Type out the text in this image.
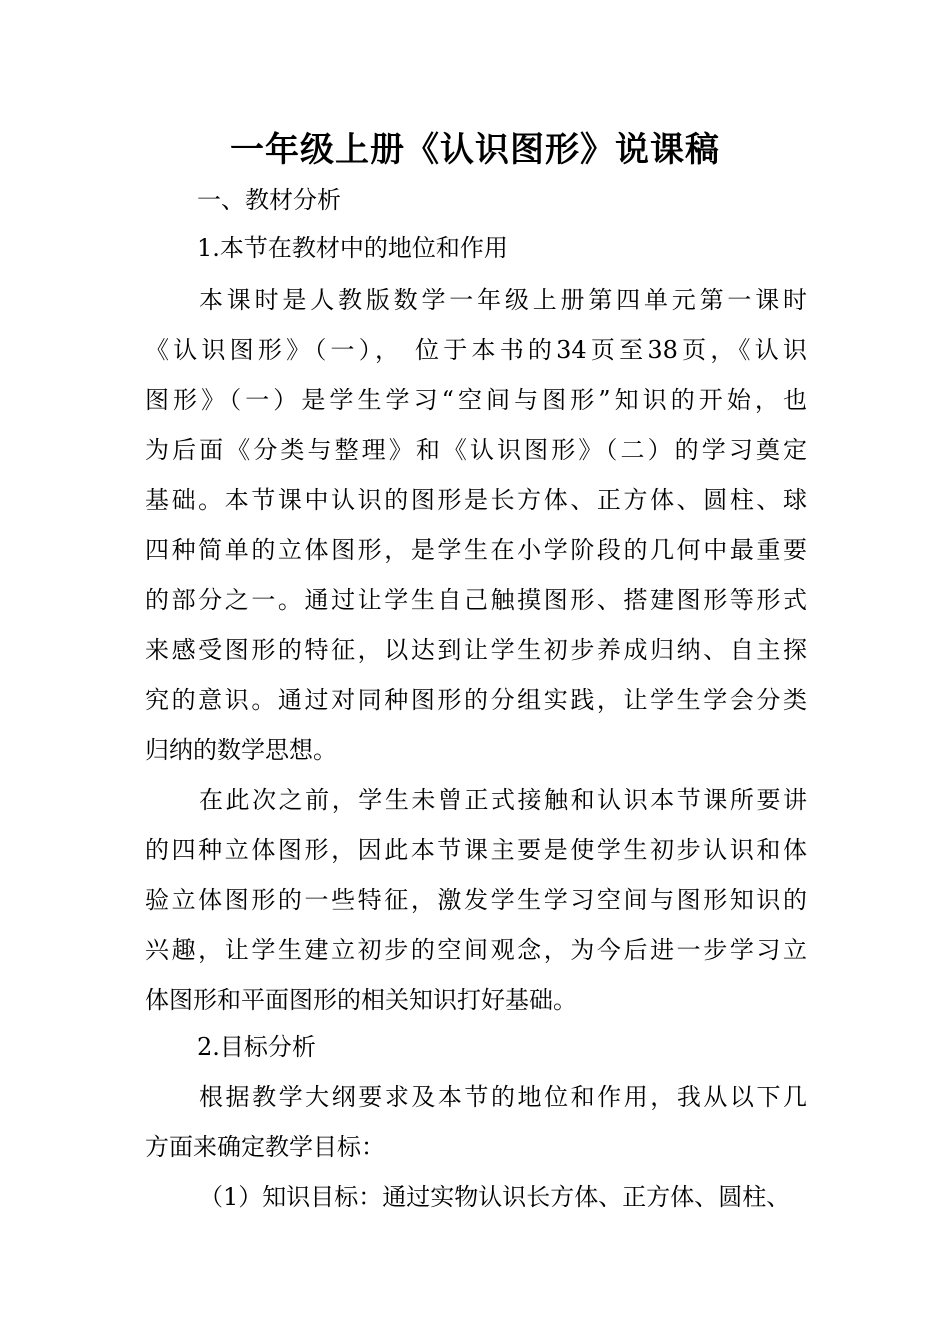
一年级上册《认识图形》说课稿
一、教材分析
1.本节在教材中的地位和作用
本课时是人教版数学一年级上册第四单元第一课时
《认识图形》（一）， 位于本书的34页至38页，《认识
图形》（一）是学生学习“空间与图形”知识的开始，也
为后面《分类与整理》和《认识图形》（二）的学习奠定
基础。本节课中认识的图形是长方体、正方体、圆柱、球
四种简单的立体图形，是学生在小学阶段的几何中最重要
的部分之一。通过让学生自己触摸图形、搭建图形等形式
来感受图形的特征，以达到让学生初步养成归纳、自主探
究的意识。通过对同种图形的分组实践，让学生学会分类
归纳的数学思想。
在此次之前，学生未曾正式接触和认识本节课所要讲
的四种立体图形，因此本节课主要是使学生初步认识和体
验立体图形的一些特征，激发学生学习空间与图形知识的
兴趣，让学生建立初步的空间观念，为今后进一步学习立
体图形和平面图形的相关知识打好基础。
2.目标分析
根据教学大纲要求及本节的地位和作用，我从以下几
方面来确定教学目标：
（1）知识目标：通过实物认识长方体、正方体、圆柱、
